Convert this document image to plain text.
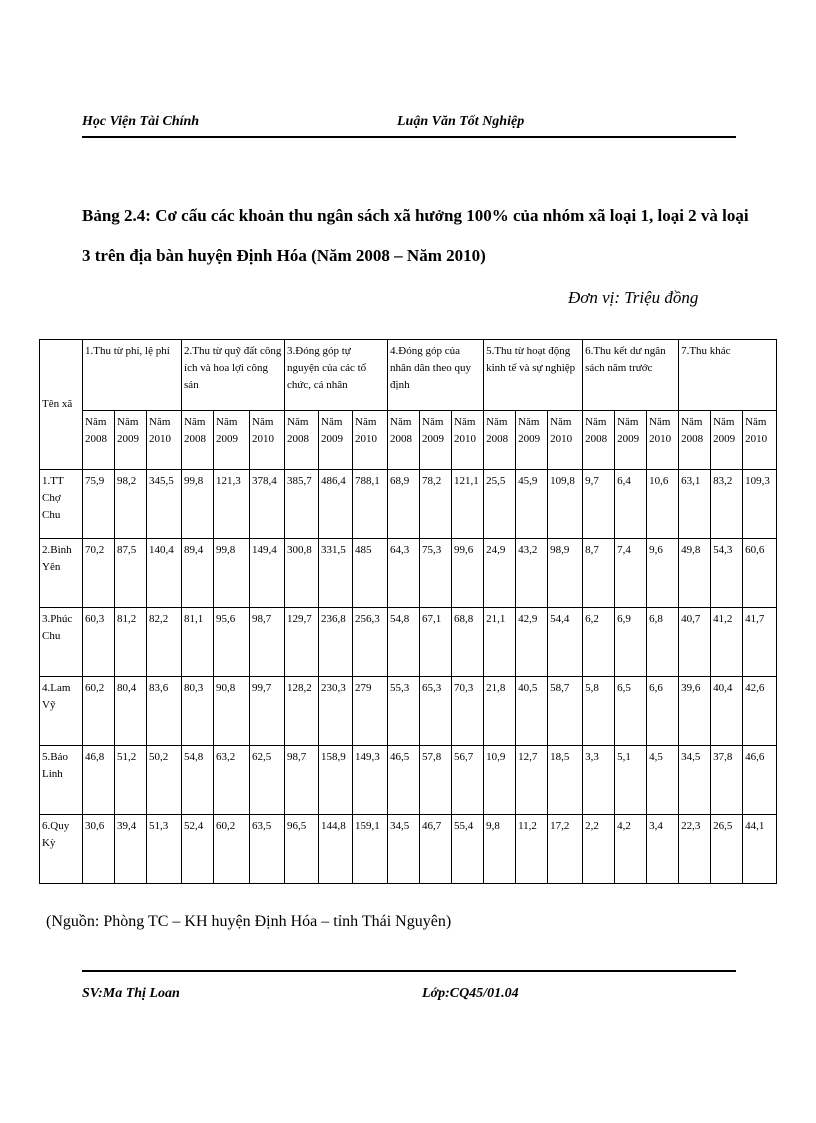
Học Viện Tài Chính	Luận Văn Tốt Nghiệp
Bảng 2.4: Cơ cấu các khoản thu ngân sách xã hưởng 100% của nhóm xã loại 1, loại 2 và loại 3 trên địa bàn huyện Định Hóa (Năm 2008 – Năm 2010)
Đơn vị: Triệu đồng
Tên xã	1.Thu từ phí, lệ phí			2.Thu từ quỹ đất công ích và hoa lợi công sản			3.Đóng góp tự nguyện của các tổ chức, cá nhân			4.Đóng góp của nhân dân theo quy định			5.Thu từ hoạt động kinh tế và sự nghiệp			6.Thu kết dư ngân sách năm trước			7.Thu khác		
	Năm 2008	Năm 2009	Năm 2010	Năm 2008	Năm 2009	Năm 2010	Năm 2008	Năm 2009	Năm 2010	Năm 2008	Năm 2009	Năm 2010	Năm 2008	Năm 2009	Năm 2010	Năm 2008	Năm 2009	Năm 2010	Năm 2008	Năm 2009	Năm 2010
1.TT Chợ Chu	75,9	98,2	345,5	99,8	121,3	378,4	385,7	486,4	788,1	68,9	78,2	121,1	25,5	45,9	109,8	9,7	6,4	10,6	63,1	83,2	109,3
2.Bình Yên	70,2	87,5	140,4	89,4	99,8	149,4	300,8	331,5	485	64,3	75,3	99,6	24,9	43,2	98,9	8,7	7,4	9,6	49,8	54,3	60,6
3.Phúc Chu	60,3	81,2	82,2	81,1	95,6	98,7	129,7	236,8	256,3	54,8	67,1	68,8	21,1	42,9	54,4	6,2	6,9	6,8	40,7	41,2	41,7
4.Lam Vỹ	60,2	80,4	83,6	80,3	90,8	99,7	128,2	230,3	279	55,3	65,3	70,3	21,8	40,5	58,7	5,8	6,5	6,6	39,6	40,4	42,6
5.Bảo Linh	46,8	51,2	50,2	54,8	63,2	62,5	98,7	158,9	149,3	46,5	57,8	56,7	10,9	12,7	18,5	3,3	5,1	4,5	34,5	37,8	46,6
6.Quy Kỳ	30,6	39,4	51,3	52,4	60,2	63,5	96,5	144,8	159,1	34,5	46,7	55,4	9,8	11,2	17,2	2,2	4,2	3,4	22,3	26,5	44,1
(Nguồn: Phòng TC – KH huyện Định Hóa – tỉnh Thái Nguyên)
SV:Ma Thị Loan	Lớp:CQ45/01.04
